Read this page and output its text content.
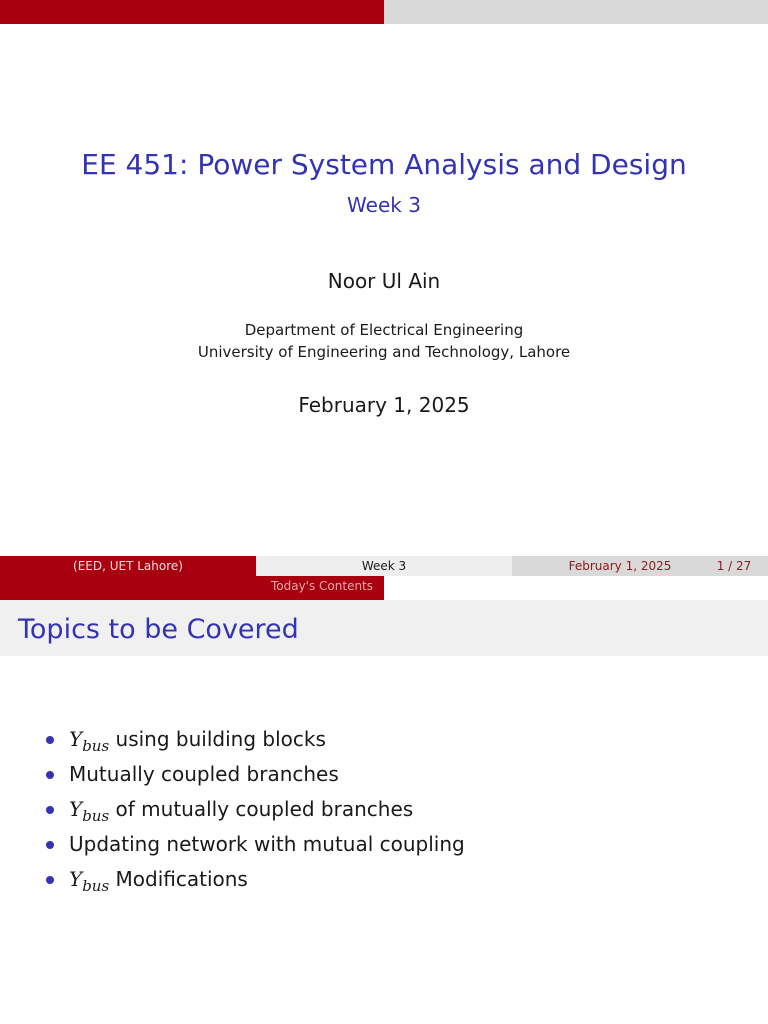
EE 451: Power System Analysis and Design
Week 3
Noor Ul Ain
Department of Electrical Engineering
University of Engineering and Technology, Lahore
February 1, 2025
(EED, UET Lahore)	Week 3	February 1, 2025	1 / 27
Today's Contents
Topics to be Covered
$Y_{bus}$ using building blocks
Mutually coupled branches
$Y_{bus}$ of mutually coupled branches
Updating network with mutual coupling
$Y_{bus}$ Modifications
